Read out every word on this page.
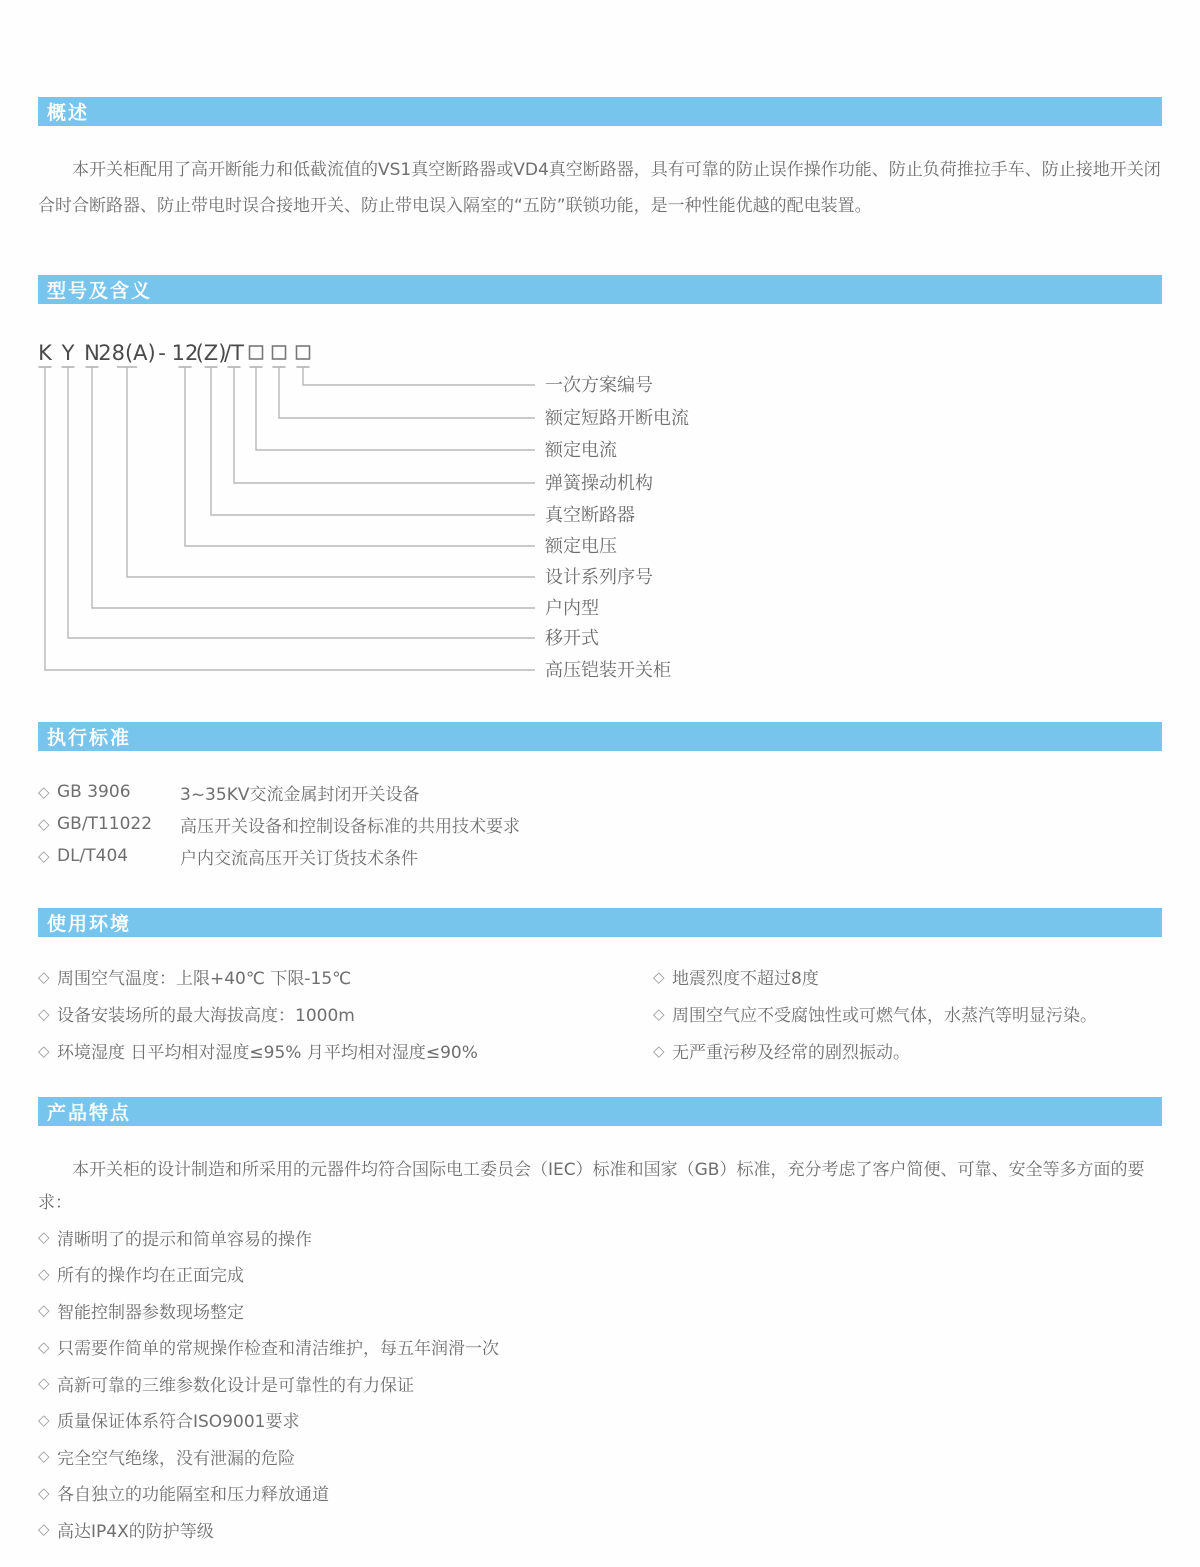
概述

本开关柜配用了高开断能力和低截流值的VS1真空断路器或VD4真空断路器，具有可靠的防止误作操作功能、防止负荷推拉手车、防止接地开关闭合时合断路器、防止带电时误合接地开关、防止带电误入隔室的“五防”联锁功能，是一种性能优越的配电装置。

型号及含义
K Y N
28(A) - 12
(Z)
/T
一次方案编号
额定短路开断电流
额定电流
弹簧操动机构
真空断路器
额定电压
设计系列序号
户内型
移开式
高压铠装开关柜
执行标准
◇ GB 3906	3~35KV交流金属封闭开关设备
◇ GB/T11022	高压开关设备和控制设备标准的共用技术要求
◇ DL/T404	户内交流高压开关订货技术条件
使用环境
◇ 周围空气温度：上限+40℃ 下限-15℃
◇ 设备安装场所的最大海拔高度：1000m
◇ 环境湿度 日平均相对湿度≤95% 月平均相对湿度≤90%
◇ 地震烈度不超过8度
◇ 周围空气应不受腐蚀性或可燃气体，水蒸汽等明显污染。
◇ 无严重污秽及经常的剧烈振动。
产品特点

本开关柜的设计制造和所采用的元器件均符合国际电工委员会（IEC）标准和国家（GB）标准，充分考虑了客户简便、可靠、安全等多方面的要求：

◇ 清晰明了的提示和简单容易的操作
◇ 所有的操作均在正面完成
◇ 智能控制器参数现场整定
◇ 只需要作简单的常规操作检查和清洁维护，每五年润滑一次
◇ 高新可靠的三维参数化设计是可靠性的有力保证
◇ 质量保证体系符合ISO9001要求
◇ 完全空气绝缘，没有泄漏的危险
◇ 各自独立的功能隔室和压力释放通道
◇ 高达IP4X的防护等级
